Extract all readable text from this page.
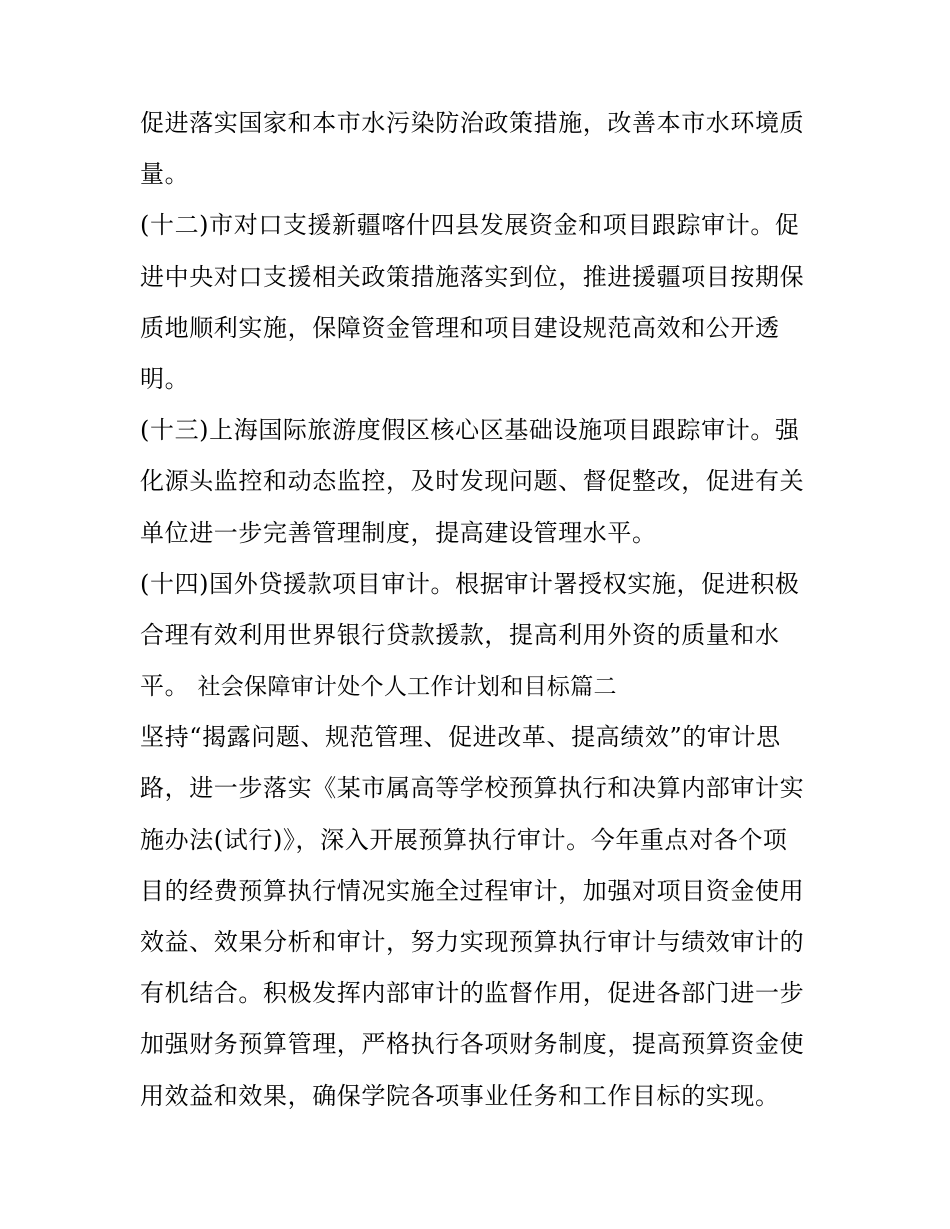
促进落实国家和本市水污染防治政策措施，改善本市水环境质
量。
(十二)市对口支援新疆喀什四县发展资金和项目跟踪审计。促
进中央对口支援相关政策措施落实到位，推进援疆项目按期保
质地顺利实施，保障资金管理和项目建设规范高效和公开透
明。
(十三)上海国际旅游度假区核心区基础设施项目跟踪审计。强
化源头监控和动态监控，及时发现问题、督促整改，促进有关
单位进一步完善管理制度，提高建设管理水平。
(十四)国外贷援款项目审计。根据审计署授权实施，促进积极
合理有效利用世界银行贷款援款，提高利用外资的质量和水
平。 社会保障审计处个人工作计划和目标篇二
坚持“揭露问题、规范管理、促进改革、提高绩效”的审计思
路，进一步落实《某市属高等学校预算执行和决算内部审计实
施办法(试行)》，深入开展预算执行审计。今年重点对各个项
目的经费预算执行情况实施全过程审计，加强对项目资金使用
效益、效果分析和审计，努力实现预算执行审计与绩效审计的
有机结合。积极发挥内部审计的监督作用，促进各部门进一步
加强财务预算管理，严格执行各项财务制度，提高预算资金使
用效益和效果，确保学院各项事业任务和工作目标的实现。
